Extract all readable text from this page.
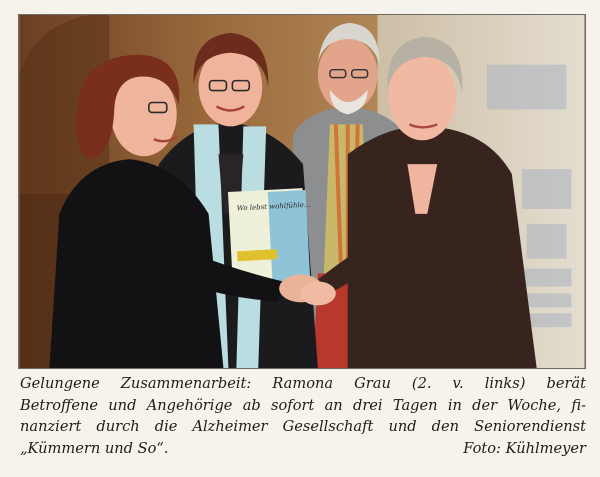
Wo lebst wohlfühle...
Gelungene Zusammenarbeit: Ramona Grau (2. v. links) berät
Betroffene und Angehörige ab sofort an drei Tagen in der Woche, fi-
nanziert durch die Alzheimer Gesellschaft und den Seniorendienst
„Kümmern und So“.	Foto: Kühlmeyer
